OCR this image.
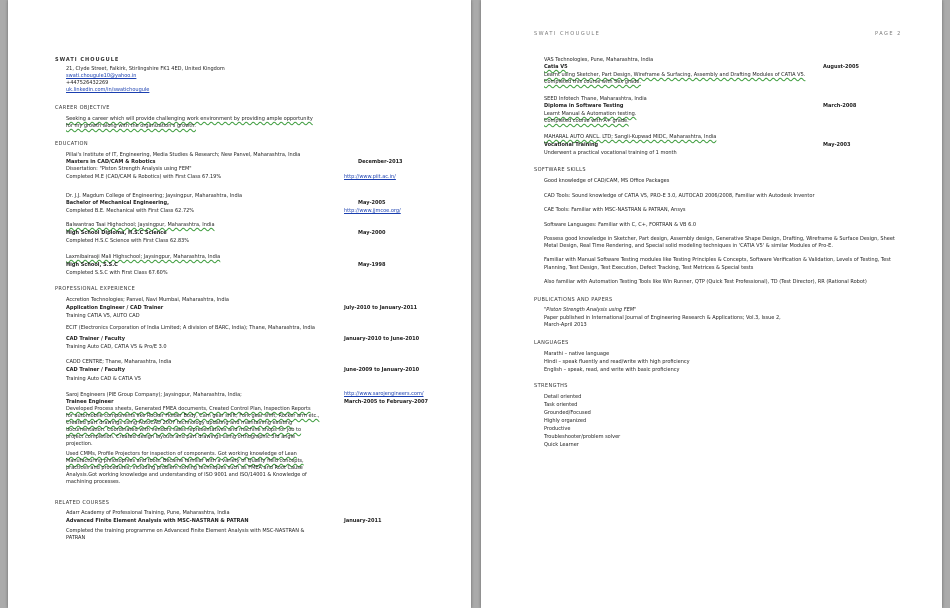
SWATI CHOUGULE
21, Clyde Street, Falkirk, Stirlingshire FK1 4ED, United Kingdom
swati.chougule10@yahoo.in
+447526432269
uk.linkedin.com/in/swatichougule
CAREER OBJECTIVE
Seeking a career which will provide challenging work environment by providing ample opportunity
for my growth along with the organization's growth.
EDUCATION
Pillai's Institute of IT, Engineering, Media Studies & Research; New Panvel, Maharashtra, India
Masters in CAD/CAM & Robotics	December-2013
Dissertation: "Piston Strength Analysis using FEM"
Completed M.E (CAD/CAM & Robotics) with First Class 67.19%	http://www.piit.ac.in/
Dr. J.J. Magdum College of Engineering; Jaysingpur, Maharashtra, India
Bachelor of Mechanical Engineering,	May-2005
Completed B.E. Mechanical with First Class 62.72%	http://www.jjmcoe.org/
Balwantrao Taai Highschool; Jaysingpur, Maharashtra, India
High School Diploma, H.S.C Science	May-2000
Completed H.S.C Science with First Class 62.83%
Laxmibairaoji Mali Highschool; Jaysingpur, Maharashtra, India
High School, S.S.C	May-1998
Completed S.S.C with First Class 67.60%
PROFESSIONAL EXPERIENCE
Accretion Technologies; Panvel, Navi Mumbai, Maharashtra, India
Application Engineer / CAD Trainer	July-2010 to January-2011
Training CATIA V5, AUTO CAD
ECIT (Electronics Corporation of India Limited; A division of BARC, India); Thane, Maharashtra, India
CAD Trainer / Faculty	January-2010 to June-2010
Training Auto CAD, CATIA V5 & Pro/E 3.0
CADD CENTRE; Thane, Maharashtra, India
CAD Trainer / Faculty	June-2009 to January-2010
Training Auto CAD & CATIA V5
Saroj Engineers (PIE Group Company); Jaysingpur, Maharashtra, India;	http://www.sarojengineers.com/
Trainee Engineer	March-2005 to February-2007
Developed Process sheets, Generated FMEA documents, Created Control Plan, Inspection Reports
for automobile components like Rocker Holder Body, Cam gear shift, Fork gear shift, Rocker arm etc.,
Created part drawings using AutoCAD 2007 technology updating and maintaining existing
documentation. Coordinated with vendors sales representatives and machine shops for job to
project completion. Created design layouts and part drawings using orthographic 3rd angle
projection.
Used CMMs, Profile Projectors for inspection of components. Got working knowledge of Lean
Manufacturing philosophies and tools. Became familiar with a variety of Quality field concepts,
practices and procedures, including problem solving techniques such as FMEA and Root Cause
Analysis.Got working knowledge and understanding of ISO 9001 and ISO/14001 & Knowledge of
machining processes.
RELATED COURSES
Adarr Academy of Professional Training, Pune, Maharashtra, India
Advanced Finite Element Analysis with MSC-NASTRAN & PATRAN	January-2011
Completed the training programme on Advanced Finite Element Analysis with MSC-NASTRAN &
PATRAN
SWATI CHOUGULE	PAGE 2
VAS Technologies, Pune, Maharashtra, India
Catia V5	August-2005
Learnt using Sketcher, Part Design, Wireframe & Surfacing, Assembly and Drafting Modules of CATIA V5.
Completed this course with 5ex grade.
SEED Infotech Thane, Maharashtra, India
Diploma in Software Testing	March-2008
Learnt Manual & Automation testing.
Completed course with A+ grade.
MAHARAL AUTO ANCL. LTD; Sangli-Kupwad MIDC, Maharashtra, India
Vocational Training	May-2003
Underwent a practical vocational training of 1 month
SOFTWARE SKILLS
Good knowledge of CAD/CAM, MS Office Packages
CAD Tools: Sound knowledge of CATIA V5, PRO-E 3.0, AUTOCAD 2006/2008, Familiar with Autodesk Inventor
CAE Tools: Familiar with MSC-NASTRAN & PATRAN, Ansys
Software Languages: Familiar with C, C+, FORTRAN & VB 6.0
Possess good knowledge in Sketcher, Part design, Assembly design, Generative Shape Design, Drafting, Wireframe & Surface Design, Sheet
Metal Design, Real Time Rendering, and Special solid modeling techniques in 'CATIA V5' & similar Modules of Pro-E.
Familiar with Manual Software Testing modules like Testing Principles & Concepts, Software Verification & Validation, Levels of Testing, Test
Planning, Test Design, Test Execution, Defect Tracking, Test Metrices & Special tests
Also familiar with Automation Testing Tools like Win Runner, QTP (Quick Test Professional), TD (Test Director), RR (Rational Robot)
PUBLICATIONS AND PAPERS
"Piston Strength Analysis using FEM"
Paper published in International Journal of Engineering Research & Applications; Vol.3, Issue 2,
March-April 2013
LANGUAGES
Marathi – native language
Hindi – speak fluently and read/write with high proficiency
English – speak, read, and write with basic proficiency
STRENGTHS
Detail oriented
Task oriented
Grounded/Focused
Highly organized
Productive
Troubleshooter/problem solver
Quick Learner
